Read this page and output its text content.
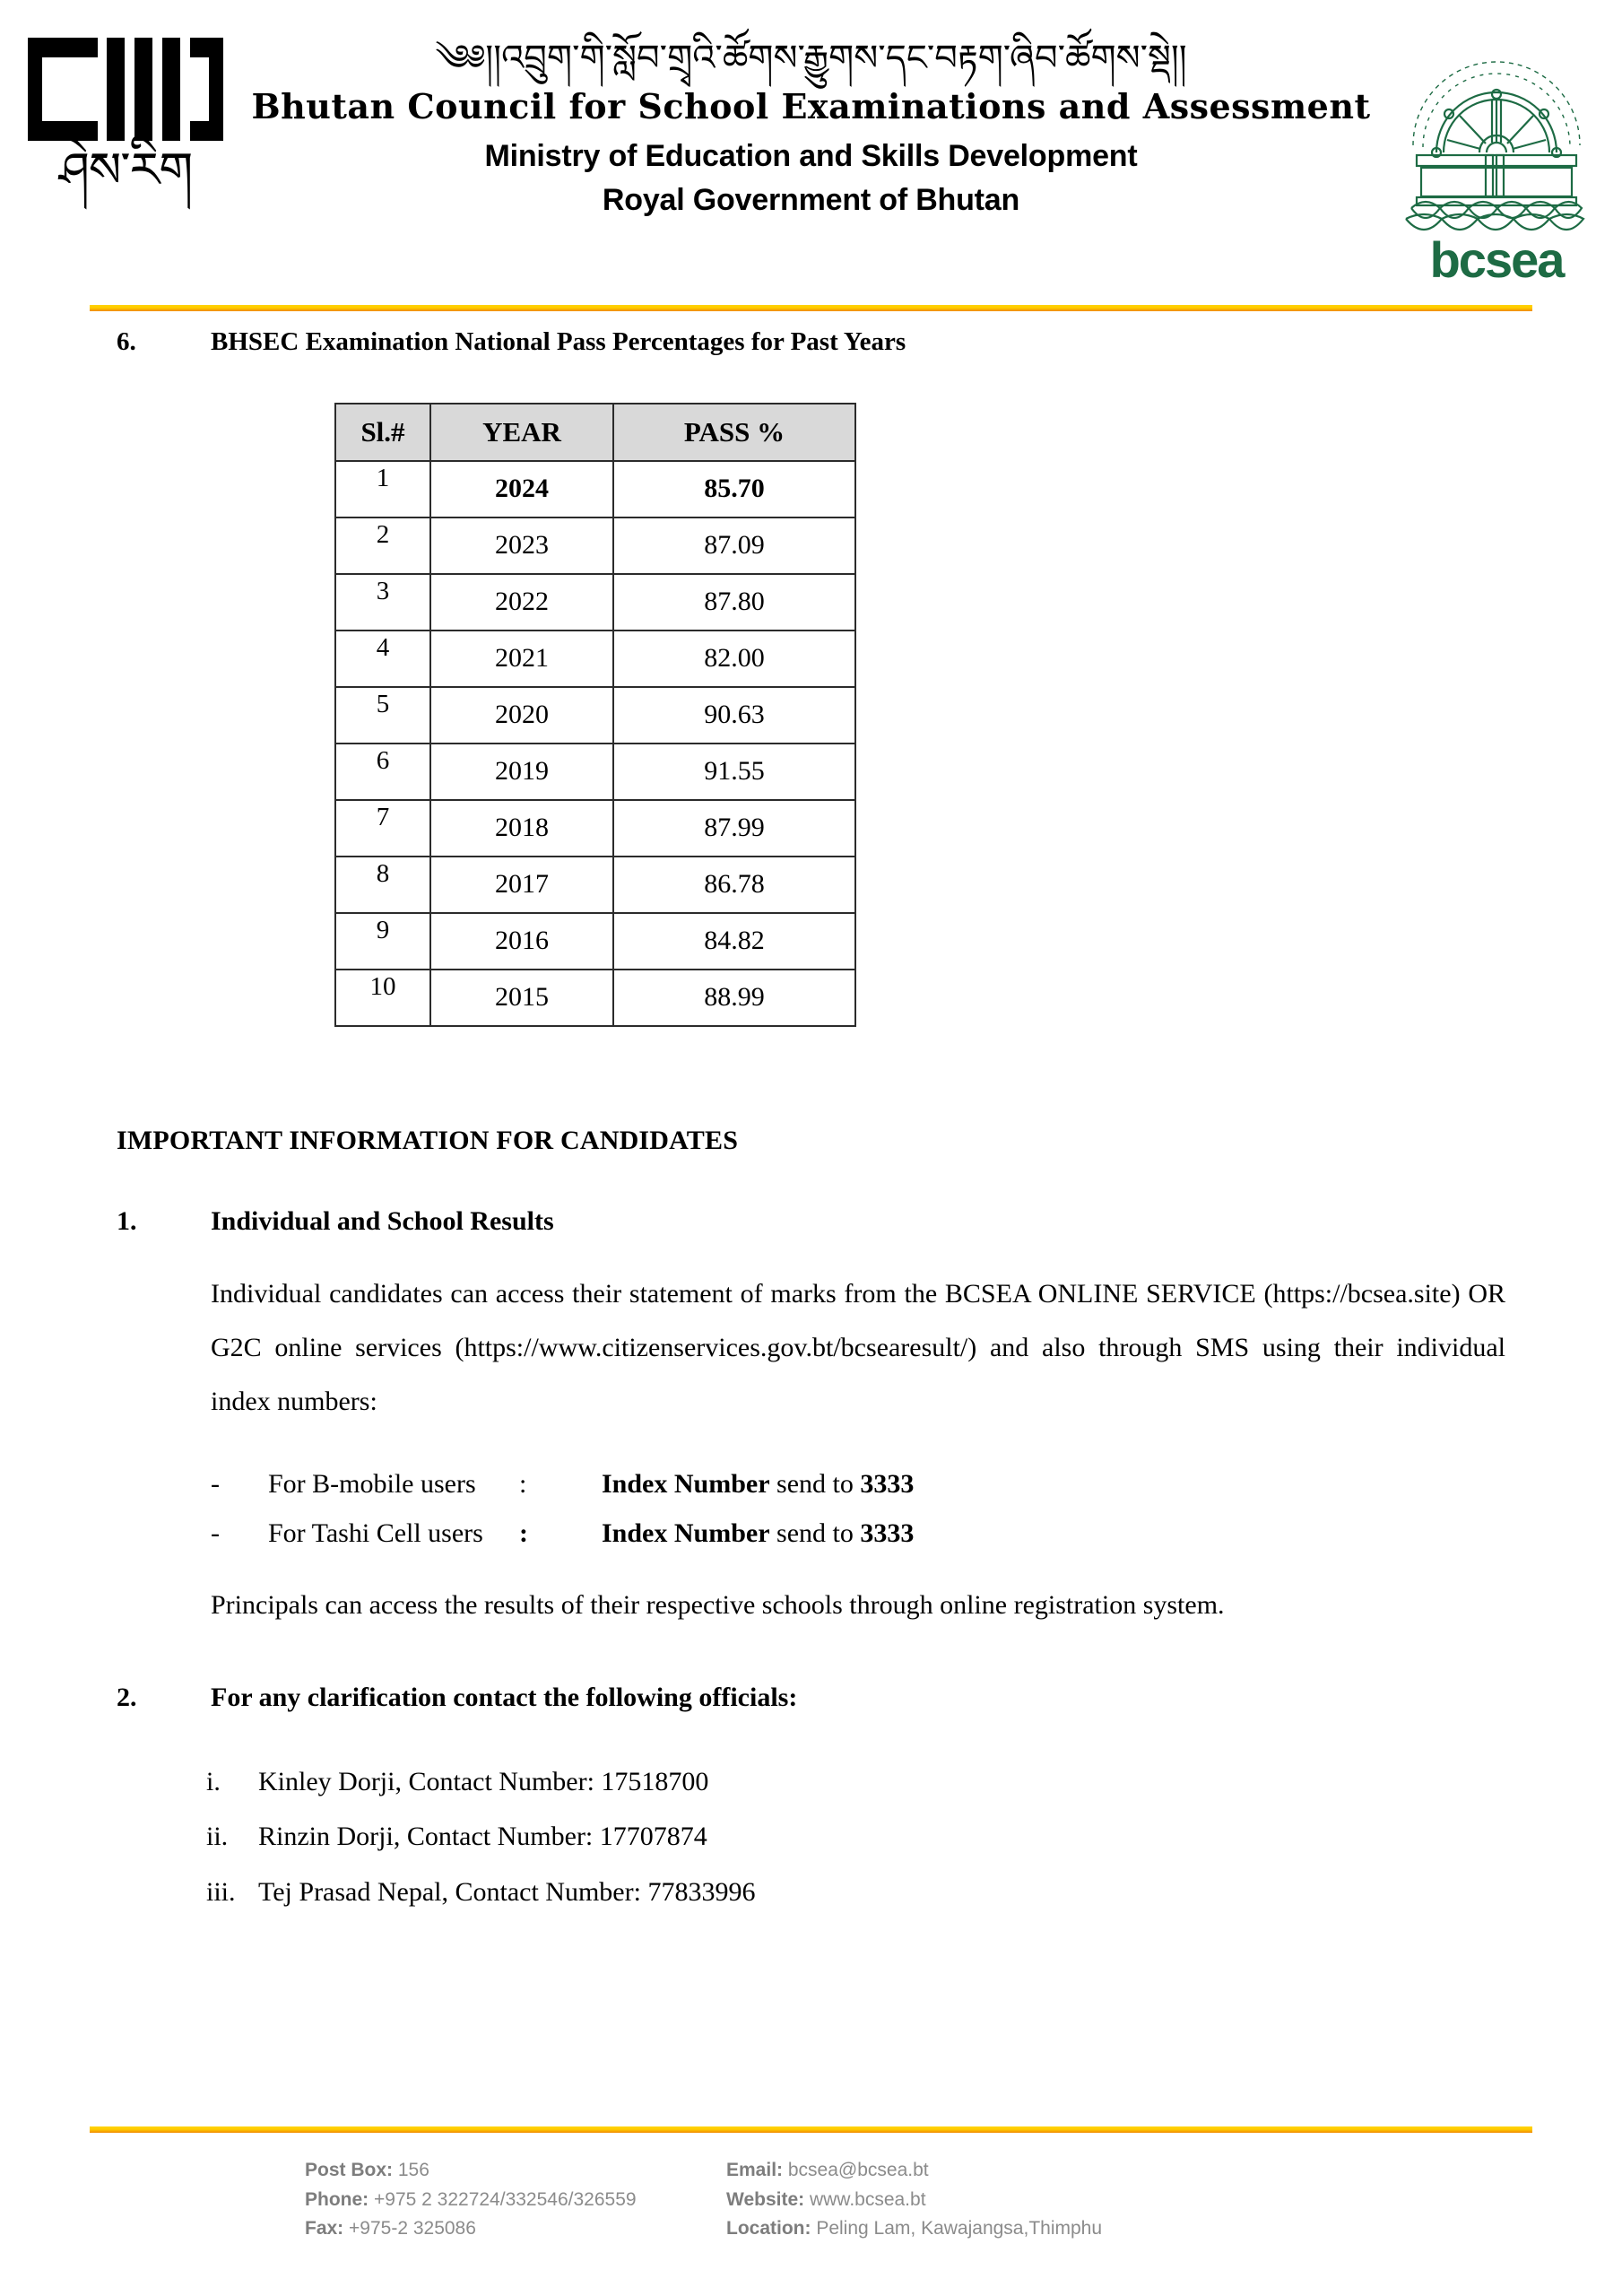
ཤེས་རིག
༄༅།།འབྲུག་གི་སློབ་གྲྭའི་ཚོགས་རྒྱུགས་དང་བརྟག་ཞིབ་ཚོགས་སྡེ།།
Bhutan Council for School Examinations and Assessment
Ministry of Education and Skills Development
Royal Government of Bhutan
bcsea
6.	BHSEC Examination National Pass Percentages for Past Years
Sl.#	YEAR	PASS %
1	2024	85.70
2	2023	87.09
3	2022	87.80
4	2021	82.00
5	2020	90.63
6	2019	91.55
7	2018	87.99
8	2017	86.78
9	2016	84.82
10	2015	88.99
IMPORTANT INFORMATION FOR CANDIDATES
1.	Individual and School Results
Individual candidates can access their statement of marks from the BCSEA ONLINE SERVICE (https://bcsea.site) OR G2C online services (https://www.citizenservices.gov.bt/bcsearesult/) and also through SMS using their individual index numbers:
-	For B-mobile users	:	Index Number send to 3333
-	For Tashi Cell users	:	Index Number send to 3333
Principals can access the results of their respective schools through online registration system.
2.	For any clarification contact the following officials:
i.	Kinley Dorji, Contact Number: 17518700
ii.	Rinzin Dorji, Contact Number: 17707874
iii. Tej Prasad Nepal, Contact Number: 77833996
Post Box: 156
Phone: +975 2 322724/332546/326559
Fax: +975-2 325086
Email: bcsea@bcsea.bt
Website: www.bcsea.bt
Location: Peling Lam, Kawajangsa,Thimphu
